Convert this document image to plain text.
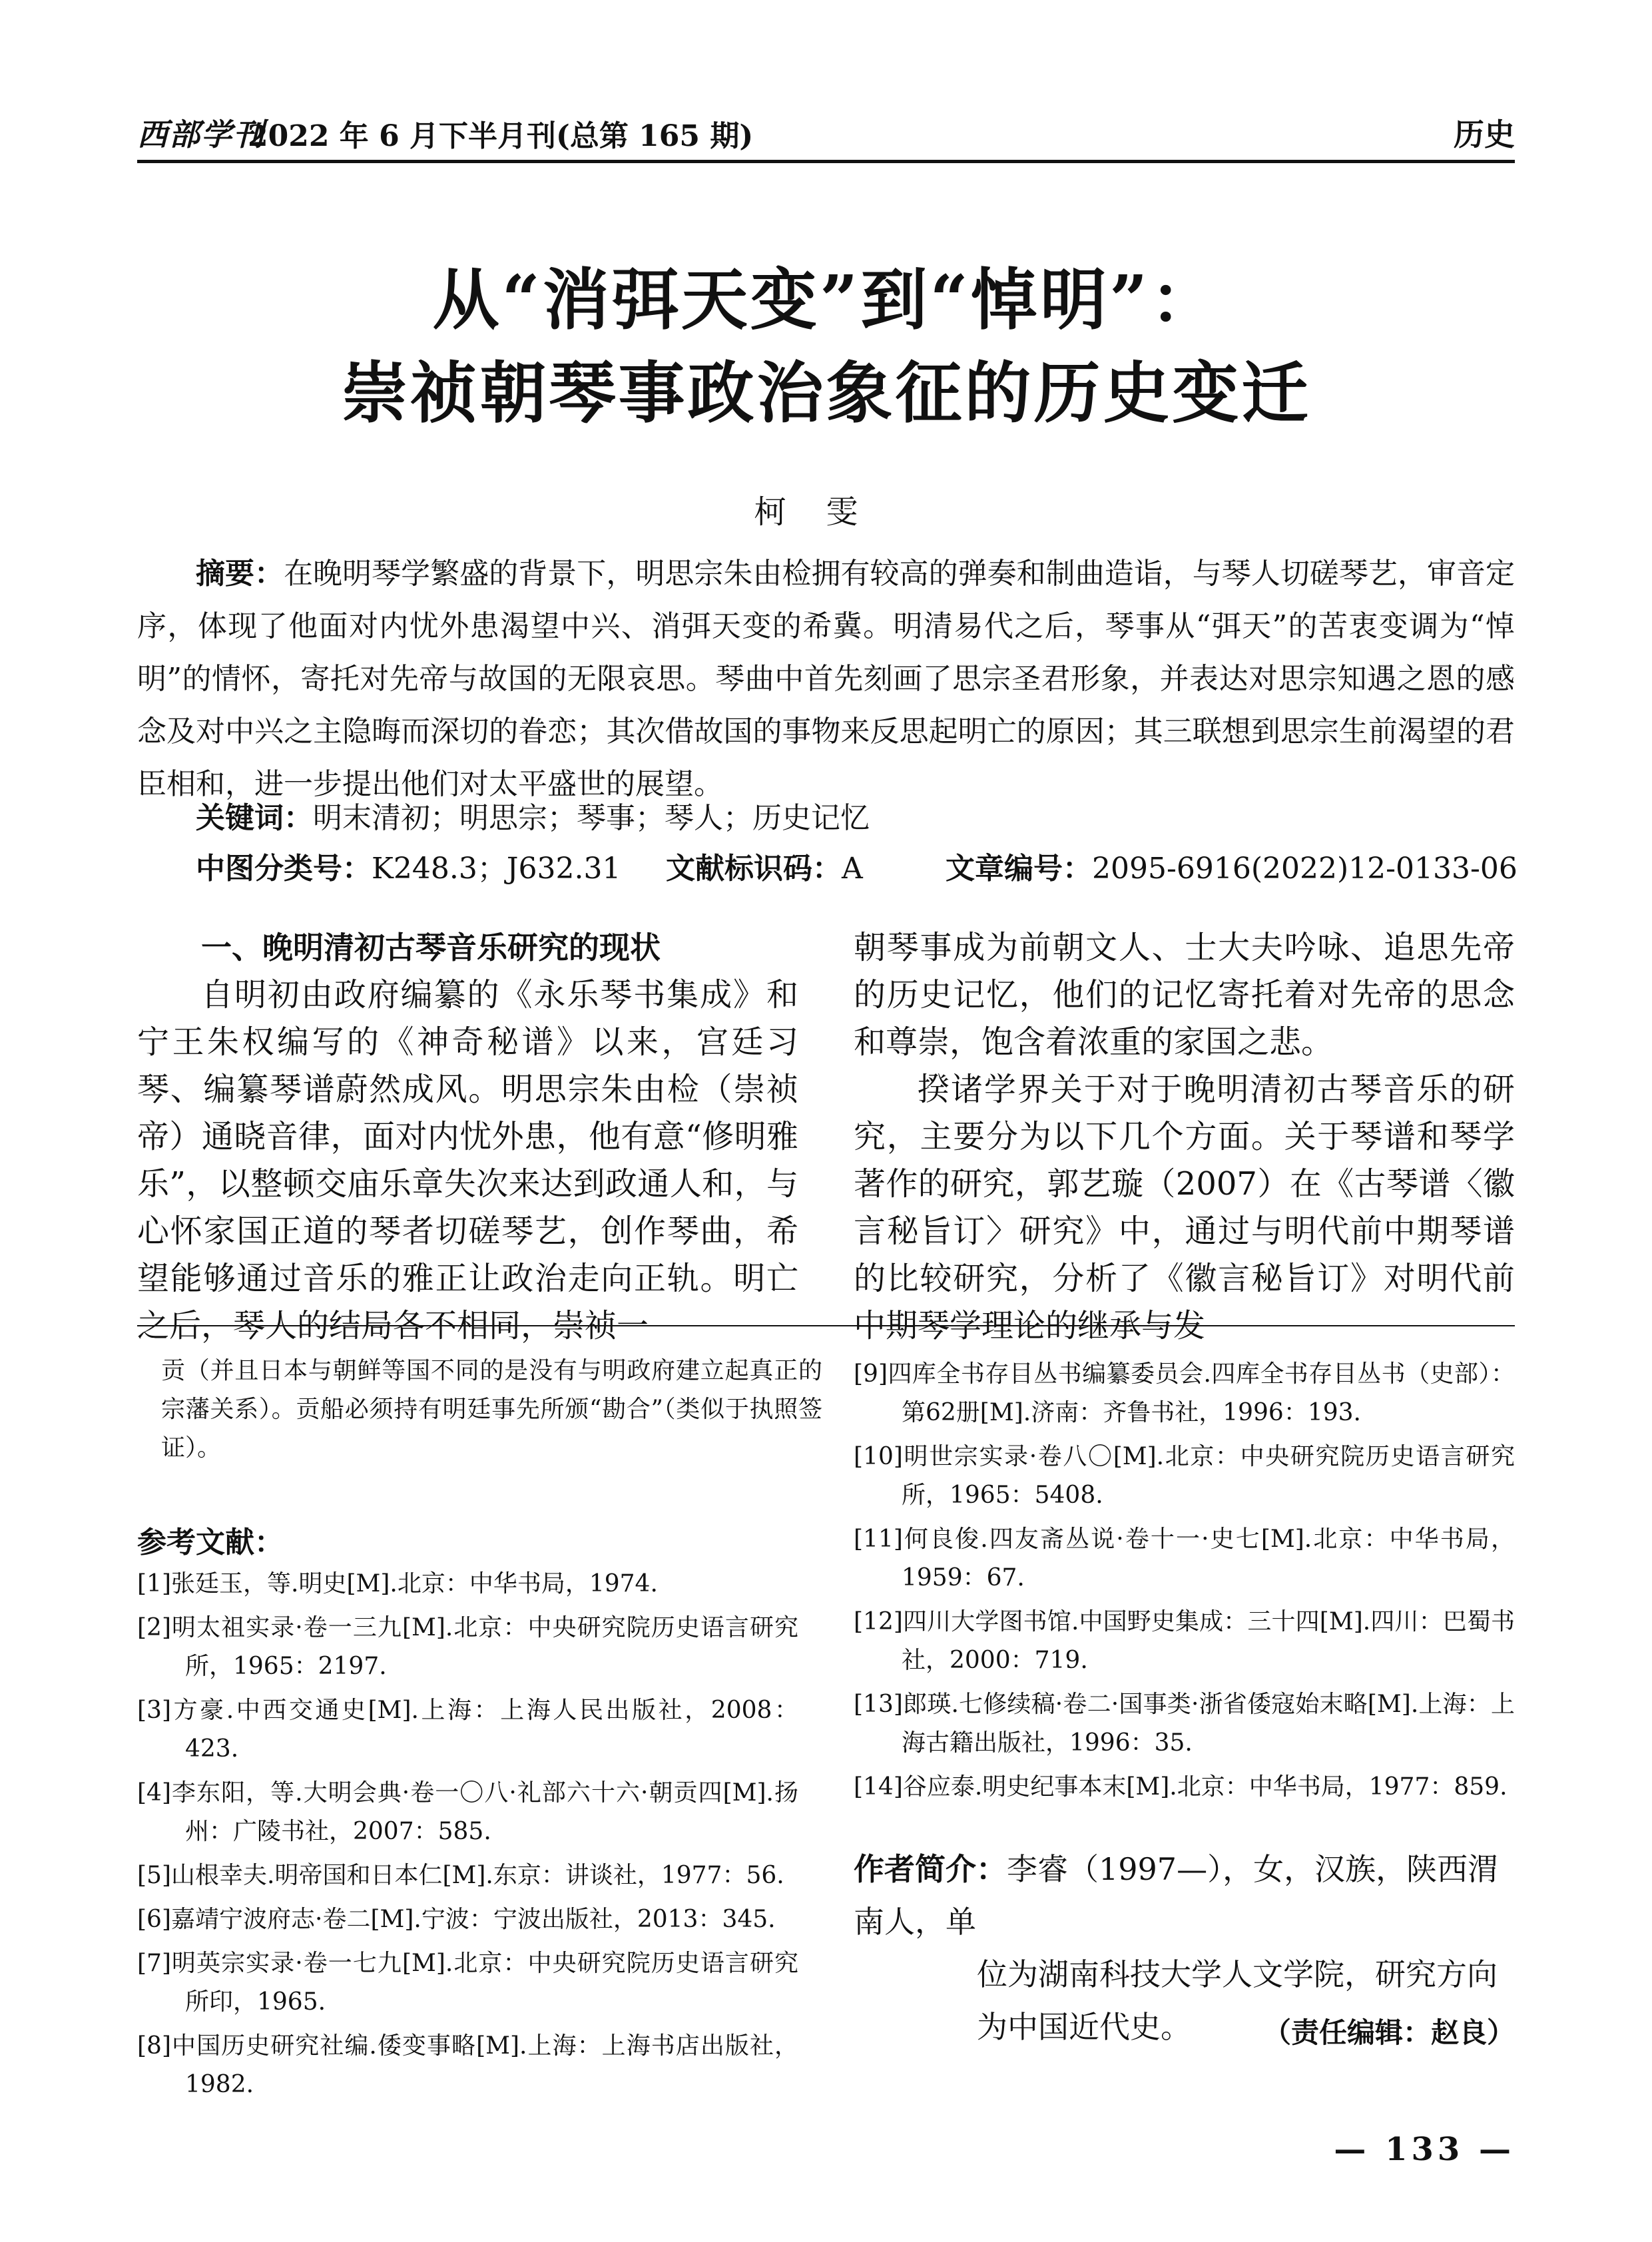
西部学刊
2022 年 6 月下半月刊(总第 165 期)	历史
从“消弭天变”到“悼明”：
崇祯朝琴事政治象征的历史变迁
柯雯
摘要：在晚明琴学繁盛的背景下，明思宗朱由检拥有较高的弹奏和制曲造诣，与琴人切磋琴艺，审音定序，体现了他面对内忧外患渴望中兴、消弭天变的希冀。明清易代之后，琴事从“弭天”的苦衷变调为“悼明”的情怀，寄托对先帝与故国的无限哀思。琴曲中首先刻画了思宗圣君形象，并表达对思宗知遇之恩的感念及对中兴之主隐晦而深切的眷恋；其次借故国的事物来反思起明亡的原因；其三联想到思宗生前渴望的君臣相和，进一步提出他们对太平盛世的展望。
关键词：明末清初；明思宗；琴事；琴人；历史记忆
中图分类号：K248.3；J632.31 文献标识码：A	文章编号：2095-6916(2022)12-0133-06

一、晚明清初古琴音乐研究的现状

自明初由政府编纂的《永乐琴书集成》和宁王朱权编写的《神奇秘谱》以来，宫廷习琴、编纂琴谱蔚然成风。明思宗朱由检（崇祯帝）通晓音律，面对内忧外患，他有意“修明雅乐”，以整顿交庙乐章失次来达到政通人和，与心怀家国正道的琴者切磋琴艺，创作琴曲，希望能够通过音乐的雅正让政治走向正轨。明亡之后，琴人的结局各不相同，崇祯一

朝琴事成为前朝文人、士大夫吟咏、追思先帝的历史记忆，他们的记忆寄托着对先帝的思念和尊崇，饱含着浓重的家国之悲。

揆诸学界关于对于晚明清初古琴音乐的研究，主要分为以下几个方面。关于琴谱和琴学著作的研究，郭艺璇（2007）在《古琴谱〈徽言秘旨订〉研究》中，通过与明代前中期琴谱的比较研究，分析了《徽言秘旨订》对明代前中期琴学理论的继承与发

贡（并且日本与朝鲜等国不同的是没有与明政府建立起真正的宗藩关系）。贡船必须持有明廷事先所颁“勘合”（类似于执照签证）。
参考文献：

[1]张廷玉，等.明史[M].北京：中华书局，1974.

[2]明太祖实录·卷一三九[M].北京：中央研究院历史语言研究所，1965：2197.

[3]方豪.中西交通史[M].上海：上海人民出版社，2008：423.

[4]李东阳，等.大明会典·卷一〇八·礼部六十六·朝贡四[M].扬州：广陵书社，2007：585.

[5]山根幸夫.明帝国和日本仁[M].东京：讲谈社，1977：56.

[6]嘉靖宁波府志·卷二[M].宁波：宁波出版社，2013：345.

[7]明英宗实录·卷一七九[M].北京：中央研究院历史语言研究所印，1965.

[8]中国历史研究社编.倭变事略[M].上海：上海书店出版社，1982.

[9]四库全书存目丛书编纂委员会.四库全书存目丛书（史部）：第62册[M].济南：齐鲁书社，1996：193.

[10]明世宗实录·卷八〇[M].北京：中央研究院历史语言研究所，1965：5408.

[11]何良俊.四友斋丛说·卷十一·史七[M].北京：中华书局，1959：67.

[12]四川大学图书馆.中国野史集成：三十四[M].四川：巴蜀书社，2000：719.

[13]郎瑛.七修续稿·卷二·国事类·浙省倭寇始末略[M].上海：上海古籍出版社，1996：35.

[14]谷应泰.明史纪事本末[M].北京：中华书局，1977：859.

作者简介：李睿（1997—），女，汉族，陕西渭南人，单
位为湖南科技大学人文学院，研究方向
为中国近代史。	（责任编辑：赵良）
— 133 —
